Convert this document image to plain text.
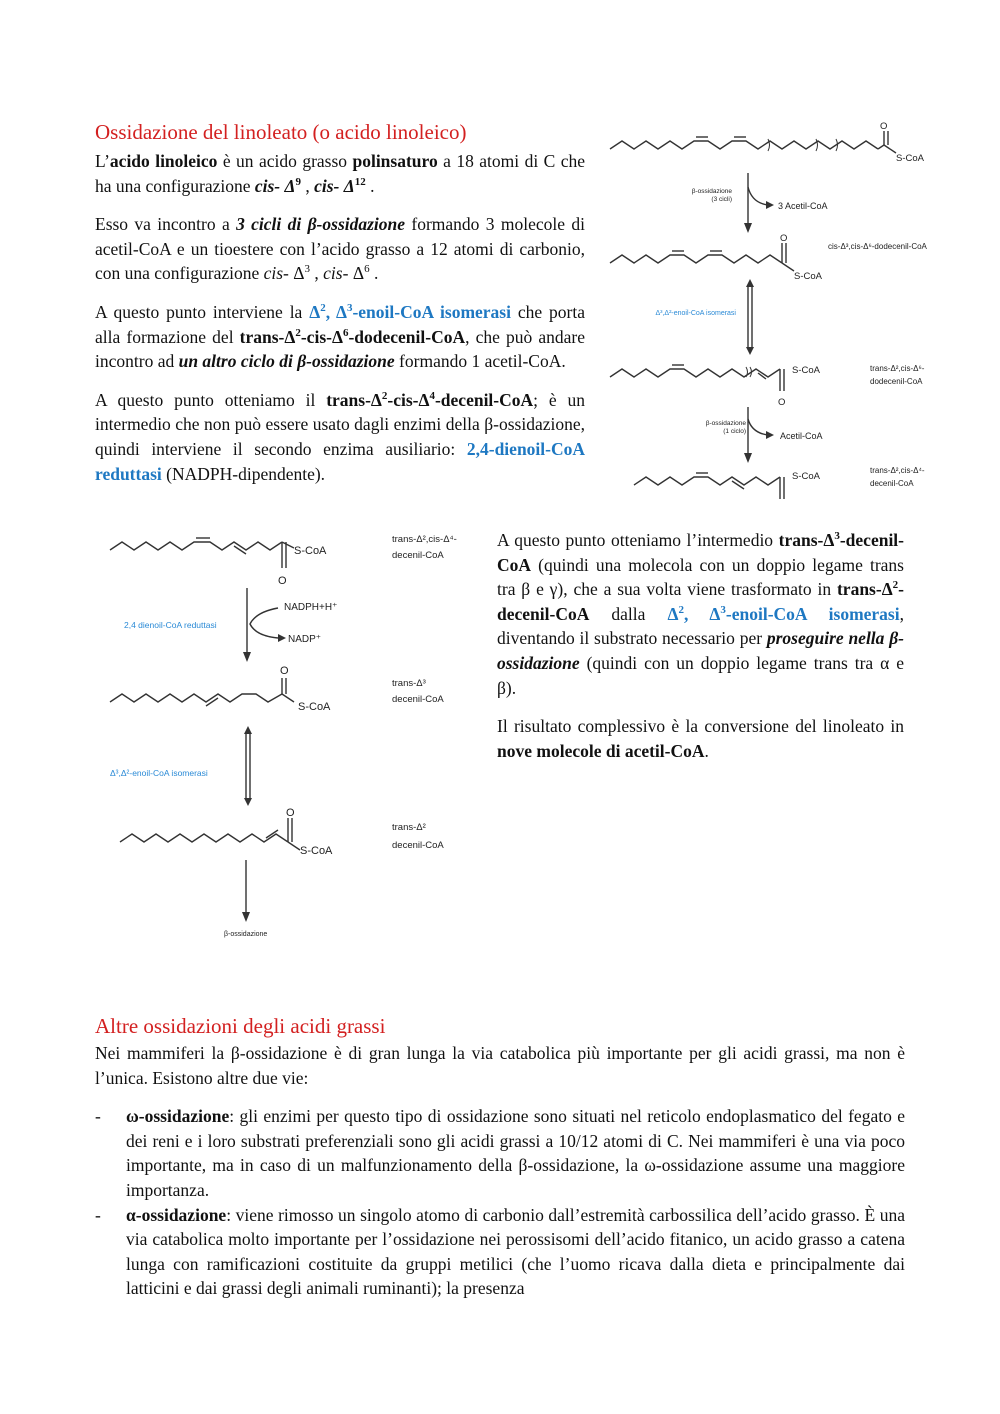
Ossidazione del linoleato (o acido linoleico)

L’acido linoleico è un acido grasso polinsaturo a 18 atomi di C che ha una configurazione cis- $\Delta^9$ , cis- $\Delta^{12}$ .

Esso va incontro a 3 cicli di β-ossidazione formando 3 molecole di acetil-CoA e un tioestere con l’acido grasso a 12 atomi di carbonio, con una configurazione cis- $\Delta^3$ , cis- $\Delta^6$ .

A questo punto interviene la $\Delta^2$, $\Delta^3-enoil$-CoA isomerasi che porta alla formazione del trans-$\Delta^2-cis-\Delta^6-dodecenil$-CoA, che può andare incontro ad un altro ciclo di β-ossidazione formando 1 acetil-CoA.

A questo punto otteniamo il trans-$\Delta^2-cis-\Delta^4-decenil$-CoA; è un intermedio che non può essere usato dagli enzimi della β-ossidazione, quindi interviene il secondo enzima ausiliario: 2,4-dienoil-CoA reduttasi (NADPH-dipendente).

O
S-CoA
β-ossidazione
(3 cicli)
3 Acetil-CoA
O
S-CoA
cis-Δ³,cis-Δ⁶-dodecenil-CoA
Δ³,Δ²-enoil-CoA isomerasi
S-CoA
O
trans-Δ²,cis-Δ⁶-
dodecenil-CoA
β-ossidazione
(1 ciclo)	Acetil-CoA
S-CoA
trans-Δ²,cis-Δ⁴-
decenil-CoA
S-CoA
O
trans-Δ²,cis-Δ⁴-
decenil-CoA
2,4 dienoil-CoA reduttasi
NADPH+H⁺
NADP⁺
O
S-CoA
trans-Δ³
decenil-CoA
Δ³,Δ²-enoil-CoA isomerasi
O
S-CoA
trans-Δ²
decenil-CoA
β-ossidazione

A questo punto otteniamo l’intermedio trans-$\Delta^3-decenil$-CoA (quindi una molecola con un doppio legame trans tra β e γ), che a sua volta viene trasformato in trans-$\Delta^2-decenil$-CoA dalla $\Delta^2$, $\Delta^3-enoil$-CoA isomerasi, diventando il substrato necessario per proseguire nella β-ossidazione (quindi con un doppio legame trans tra α e β).

Il risultato complessivo è la conversione del linoleato in nove molecole di acetil-CoA.

Altre ossidazioni degli acidi grassi

Nei mammiferi la β-ossidazione è di gran lunga la via catabolica più importante per gli acidi grassi, ma non è l’unica. Esistono altre due vie:

- ω-ossidazione: gli enzimi per questo tipo di ossidazione sono situati nel reticolo endoplasmatico del fegato e dei reni e i loro substrati preferenziali sono gli acidi grassi a 10/12 atomi di C. Nei mammiferi è una via poco importante, ma in caso di un malfunzionamento della β-ossidazione, la ω-ossidazione assume una maggiore importanza.
- α-ossidazione: viene rimosso un singolo atomo di carbonio dall’estremità carbossilica dell’acido grasso. È una via catabolica molto importante per l’ossidazione nei perossisomi dell’acido fitanico, un acido grasso a catena lunga con ramificazioni costituite da gruppi metilici (che l’uomo ricava dalla dieta e principalmente dai latticini e dai grassi degli animali ruminanti); la presenza
